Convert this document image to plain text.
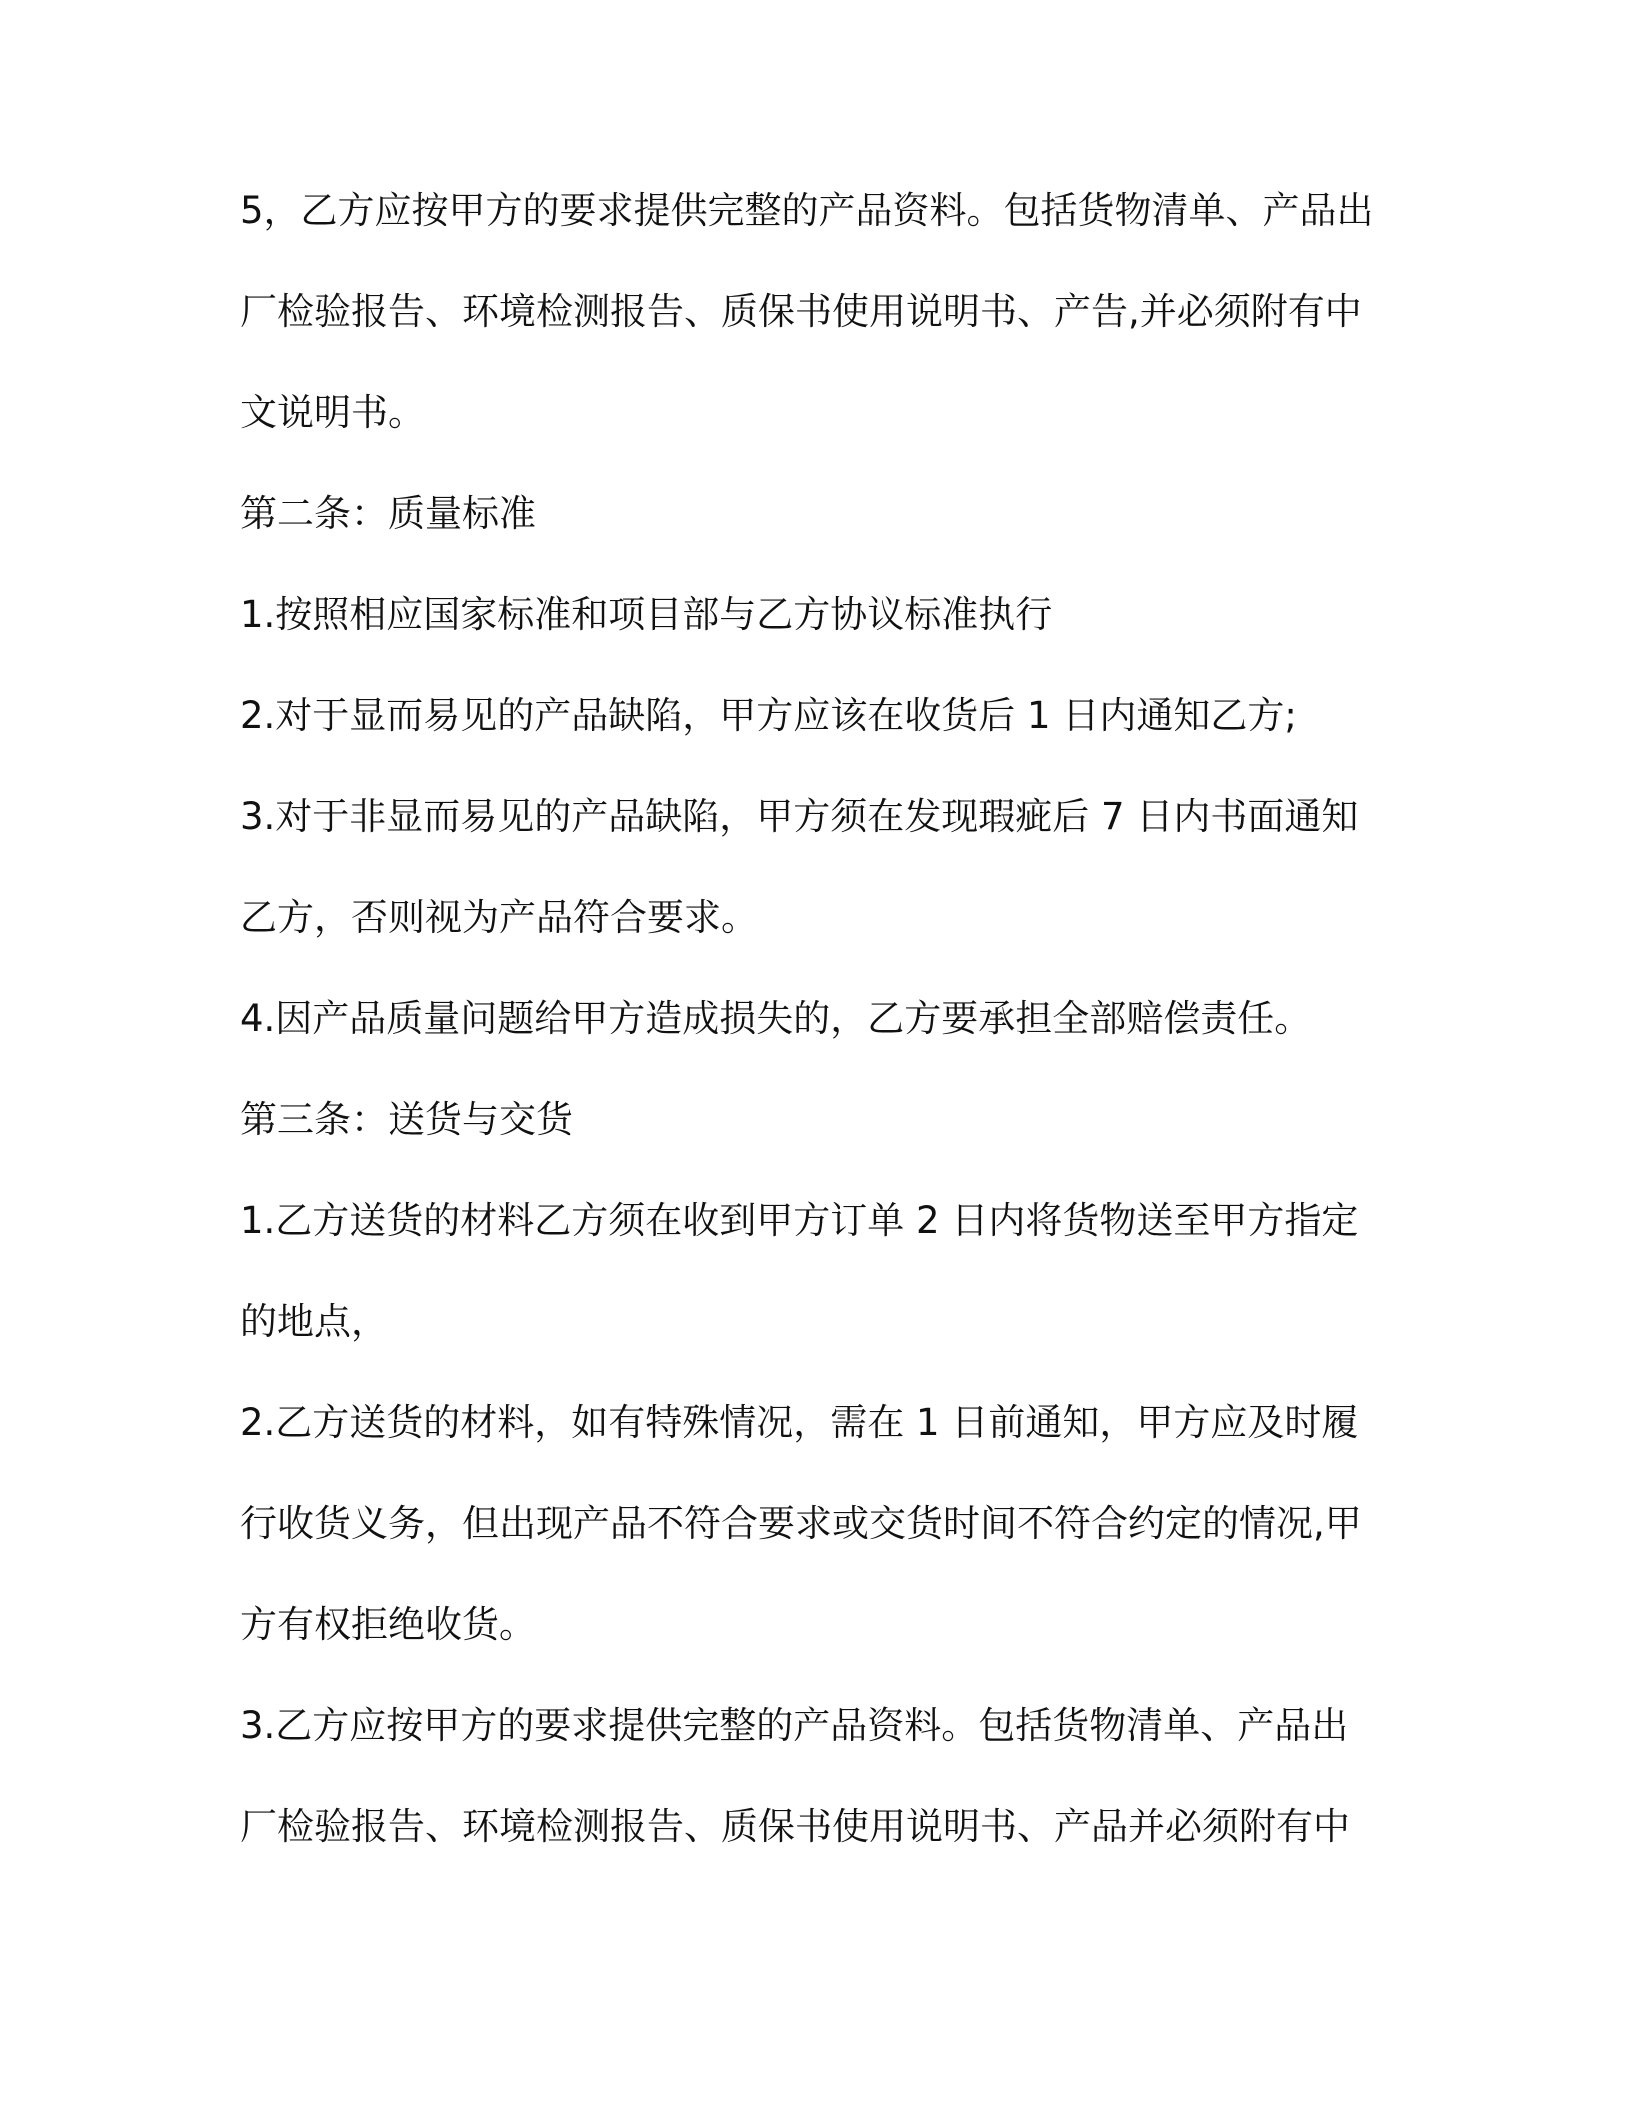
5，乙方应按甲方的要求提供完整的产品资料。包括货物清单、产品出
厂检验报告、环境检测报告、质保书使用说明书、产告,并必须附有中
文说明书。
第二条：质量标准
1.按照相应国家标准和项目部与乙方协议标准执行
2.对于显而易见的产品缺陷，甲方应该在收货后 1 日内通知乙方;
3.对于非显而易见的产品缺陷，甲方须在发现瑕疵后 7 日内书面通知
乙方，否则视为产品符合要求。
4.因产品质量问题给甲方造成损失的，乙方要承担全部赔偿责任。
第三条：送货与交货
1.乙方送货的材料乙方须在收到甲方订单 2 日内将货物送至甲方指定
的地点，
2.乙方送货的材料，如有特殊情况，需在 1 日前通知，甲方应及时履
行收货义务，但出现产品不符合要求或交货时间不符合约定的情况,甲
方有权拒绝收货。
3.乙方应按甲方的要求提供完整的产品资料。包括货物清单、产品出
厂检验报告、环境检测报告、质保书使用说明书、产品并必须附有中
